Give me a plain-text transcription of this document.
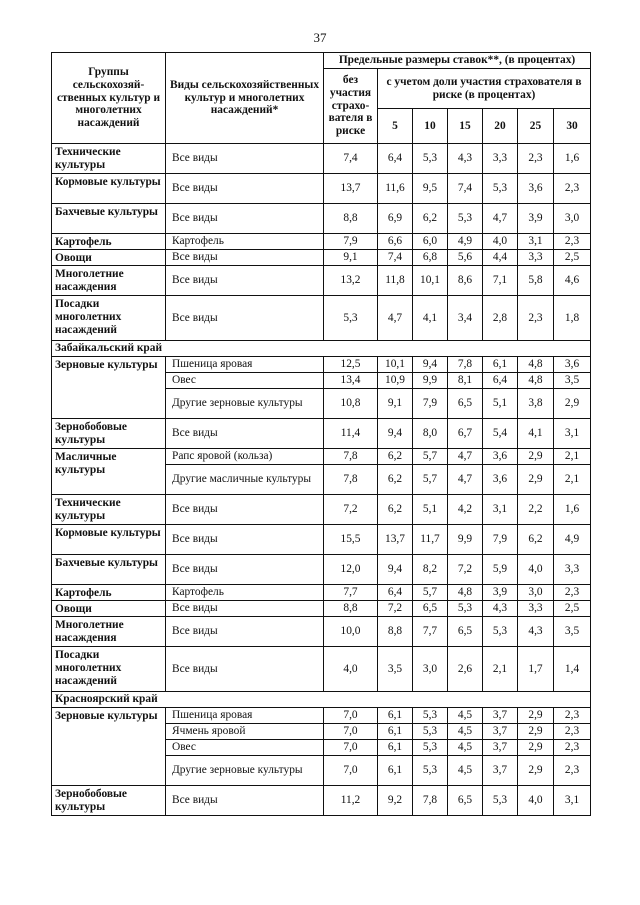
37
Группы сельскохозяй-ственных культур и многолетних насаждений	Виды сельскохозяйственных культур и многолетних насаждений*	Предельные размеры ставок**, (в процентах)						
		без участия страхо-вателя в риске	с учетом доли участия страхователя в риске (в процентах)					
			5	10	15	20	25	30
Технические культуры	Все виды	7,4	6,4	5,3	4,3	3,3	2,3	1,6
Кормовые культуры	Все виды	13,7	11,6	9,5	7,4	5,3	3,6	2,3
Бахчевые культуры	Все виды	8,8	6,9	6,2	5,3	4,7	3,9	3,0
Картофель	Картофель	7,9	6,6	6,0	4,9	4,0	3,1	2,3
Овощи	Все виды	9,1	7,4	6,8	5,6	4,4	3,3	2,5
Многолетние насаждения	Все виды	13,2	11,8	10,1	8,6	7,1	5,8	4,6
Посадки многолетних насаждений	Все виды	5,3	4,7	4,1	3,4	2,8	2,3	1,8
Забайкальский край								
Зерновые культуры	Пшеница яровая	12,5	10,1	9,4	7,8	6,1	4,8	3,6
	Овес	13,4	10,9	9,9	8,1	6,4	4,8	3,5
	Другие зерновые культуры	10,8	9,1	7,9	6,5	5,1	3,8	2,9
Зернобобовые культуры	Все виды	11,4	9,4	8,0	6,7	5,4	4,1	3,1
Масличные культуры	Рапс яровой (кольза)	7,8	6,2	5,7	4,7	3,6	2,9	2,1
	Другие масличные культуры	7,8	6,2	5,7	4,7	3,6	2,9	2,1
Технические культуры	Все виды	7,2	6,2	5,1	4,2	3,1	2,2	1,6
Кормовые культуры	Все виды	15,5	13,7	11,7	9,9	7,9	6,2	4,9
Бахчевые культуры	Все виды	12,0	9,4	8,2	7,2	5,9	4,0	3,3
Картофель	Картофель	7,7	6,4	5,7	4,8	3,9	3,0	2,3
Овощи	Все виды	8,8	7,2	6,5	5,3	4,3	3,3	2,5
Многолетние насаждения	Все виды	10,0	8,8	7,7	6,5	5,3	4,3	3,5
Посадки многолетних насаждений	Все виды	4,0	3,5	3,0	2,6	2,1	1,7	1,4
Красноярский край								
Зерновые культуры	Пшеница яровая	7,0	6,1	5,3	4,5	3,7	2,9	2,3
	Ячмень яровой	7,0	6,1	5,3	4,5	3,7	2,9	2,3
	Овес	7,0	6,1	5,3	4,5	3,7	2,9	2,3
	Другие зерновые культуры	7,0	6,1	5,3	4,5	3,7	2,9	2,3
Зернобобовые культуры	Все виды	11,2	9,2	7,8	6,5	5,3	4,0	3,1
